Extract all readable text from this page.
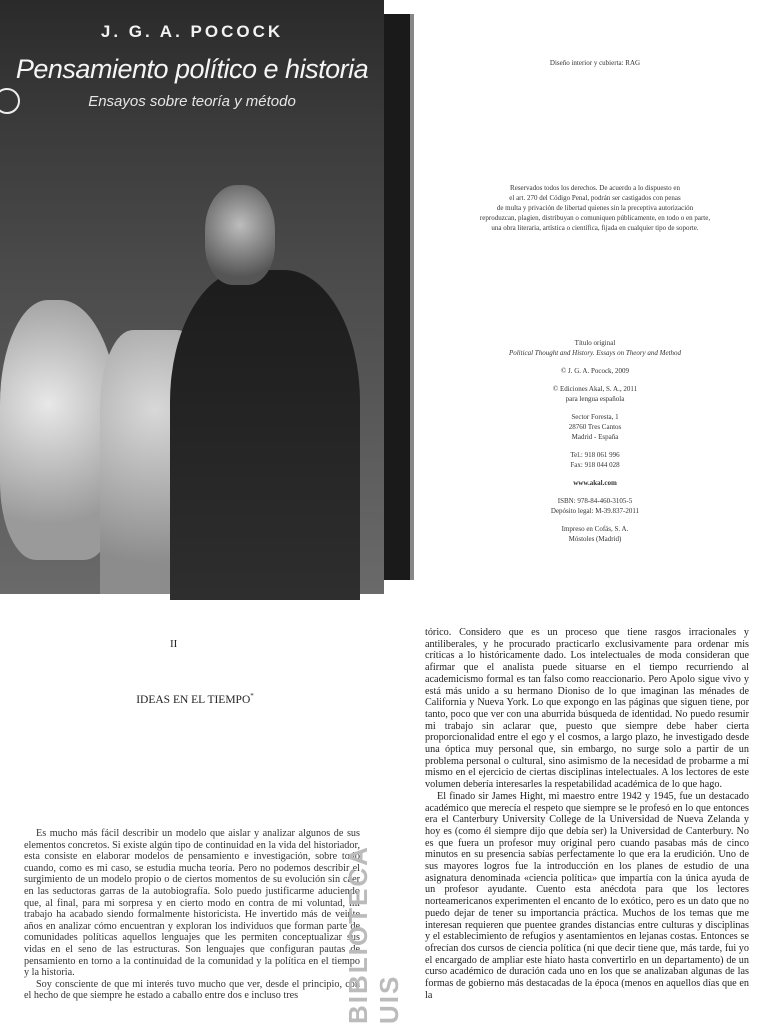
J. G. A. POCOCK
Pensamiento político e historia
Ensayos sobre teoría y método

Diseño interior y cubierta: RAG

Reservados todos los derechos. De acuerdo a lo dispuesto en

el art. 270 del Código Penal, podrán ser castigados con penas

de multa y privación de libertad quienes sin la preceptiva autorización

reproduzcan, plagien, distribuyan o comuniquen públicamente, en todo o en parte,

una obra literaria, artística o científica, fijada en cualquier tipo de soporte.

Título original

Political Thought and History. Essays on Theory and Method

© J. G. A. Pocock, 2009

© Ediciones Akal, S. A., 2011

para lengua española

Sector Foresta, 1

28760 Tres Cantos

Madrid - España

Tel.: 918 061 996

Fax: 918 044 028

www.akal.com

ISBN: 978-84-460-3105-5

Depósito legal: M-39.837-2011

Impreso en Cofás, S. A.

Móstoles (Madrid)

II
IDEAS EN EL TIEMPO*

Es mucho más fácil describir un modelo que aislar y analizar algunos de sus elementos concretos. Si existe algún tipo de continuidad en la vida del historiador, esta consiste en elaborar modelos de pensamiento e investigación, sobre todo cuando, como es mi caso, se estudia mucha teoría. Pero no podemos describir el surgimiento de un modelo propio o de ciertos momentos de su evolución sin caer en las seductoras garras de la autobiografía. Solo puedo justificarme aduciendo que, al final, para mi sorpresa y en cierto modo en contra de mi voluntad, mi trabajo ha acabado siendo formalmente historicista. He invertido más de veinte años en analizar cómo encuentran y exploran los individuos que forman parte de comunidades políticas aquellos lenguajes que les permiten conceptualizar sus vidas en el seno de las estructuras. Son lenguajes que configuran pautas de pensamiento en torno a la continuidad de la comunidad y la política en el tiempo y la historia.

Soy consciente de que mi interés tuvo mucho que ver, desde el principio, con el hecho de que siempre he estado a caballo entre dos e incluso tres	BIBLIOTECA UIS

tórico. Considero que es un proceso que tiene rasgos irracionales y antiliberales, y he procurado practicarlo exclusivamente para ordenar mis críticas a lo históricamente dado. Los intelectuales de moda consideran que afirmar que el analista puede situarse en el tiempo recurriendo al academicismo formal es tan falso como reaccionario. Pero Apolo sigue vivo y está más unido a su hermano Dioniso de lo que imaginan las ménades de California y Nueva York. Lo que expongo en las páginas que siguen tiene, por tanto, poco que ver con una aburrida búsqueda de identidad. No puedo resumir mi trabajo sin aclarar que, puesto que siempre debe haber cierta proporcionalidad entre el ego y el cosmos, a largo plazo, he investigado desde una óptica muy personal que, sin embargo, no surge solo a partir de un problema personal o cultural, sino asimismo de la necesidad de probarme a mí mismo en el ejercicio de ciertas disciplinas intelectuales. A los lectores de este volumen debería interesarles la respetabilidad académica de lo que hago.

El finado sir James Hight, mi maestro entre 1942 y 1945, fue un destacado académico que merecía el respeto que siempre se le profesó en lo que entonces era el Canterbury University College de la Universidad de Nueva Zelanda y hoy es (como él siempre dijo que debía ser) la Universidad de Canterbury. No es que fuera un profesor muy original pero cuando pasabas más de cinco minutos en su presencia sabías perfectamente lo que era la erudición. Uno de sus mayores logros fue la introducción en los planes de estudio de una asignatura denominada «ciencia política» que impartía con la única ayuda de un profesor ayudante. Cuento esta anécdota para que los lectores norteamericanos experimenten el encanto de lo exótico, pero es un dato que no puedo dejar de tener su importancia práctica. Muchos de los temas que me interesan requieren que puentee grandes distancias entre culturas y disciplinas y el establecimiento de refugios y asentamientos en lejanas costas. Entonces se ofrecían dos cursos de ciencia política (ni que decir tiene que, más tarde, fui yo el encargado de ampliar este hiato hasta convertirlo en un departamento) de un curso académico de duración cada uno en los que se analizaban algunas de las formas de gobierno más destacadas de la época (menos en aquellos días que en la
